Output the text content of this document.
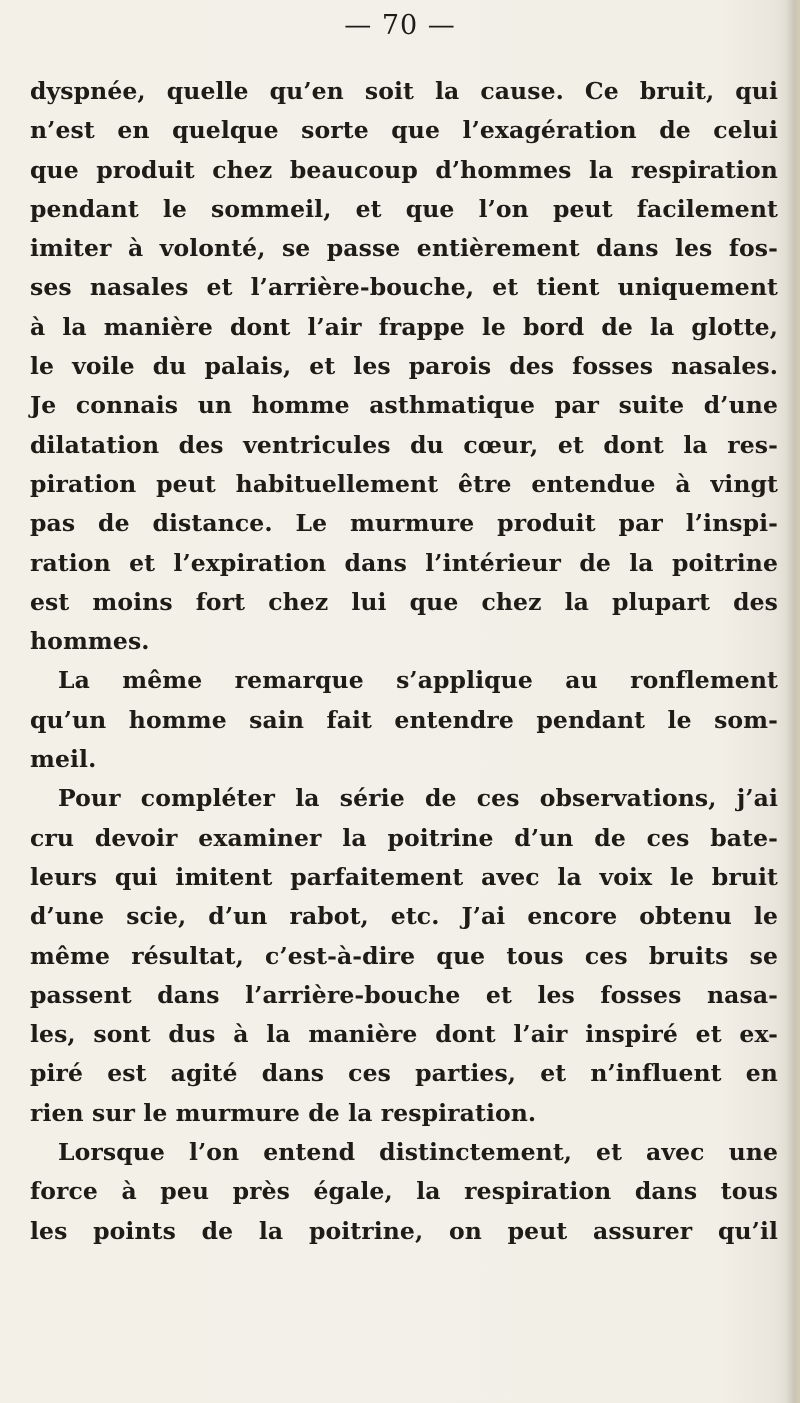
— 70 —
dyspnée, quelle qu’en soit la cause. Ce bruit, qui
n’est en quelque sorte que l’exagération de celui
que produit chez beaucoup d’hommes la respiration
pendant le sommeil, et que l’on peut facilement
imiter à volonté, se passe entièrement dans les fos-
ses nasales et l’arrière-bouche, et tient uniquement
à la manière dont l’air frappe le bord de la glotte,
le voile du palais, et les parois des fosses nasales.
Je connais un homme asthmatique par suite d’une
dilatation des ventricules du cœur, et dont la res-
piration peut habituellement être entendue à vingt
pas de distance. Le murmure produit par l’inspi-
ration et l’expiration dans l’intérieur de la poitrine
est moins fort chez lui que chez la plupart des
hommes.
La même remarque s’applique au ronflement
qu’un homme sain fait entendre pendant le som-
meil.
Pour compléter la série de ces observations, j’ai
cru devoir examiner la poitrine d’un de ces bate-
leurs qui imitent parfaitement avec la voix le bruit
d’une scie, d’un rabot, etc. J’ai encore obtenu le
même résultat, c’est-à-dire que tous ces bruits se
passent dans l’arrière-bouche et les fosses nasa-
les, sont dus à la manière dont l’air inspiré et ex-
piré est agité dans ces parties, et n’influent en
rien sur le murmure de la respiration.
Lorsque l’on entend distinctement, et avec une
force à peu près égale, la respiration dans tous
les points de la poitrine, on peut assurer qu’il
